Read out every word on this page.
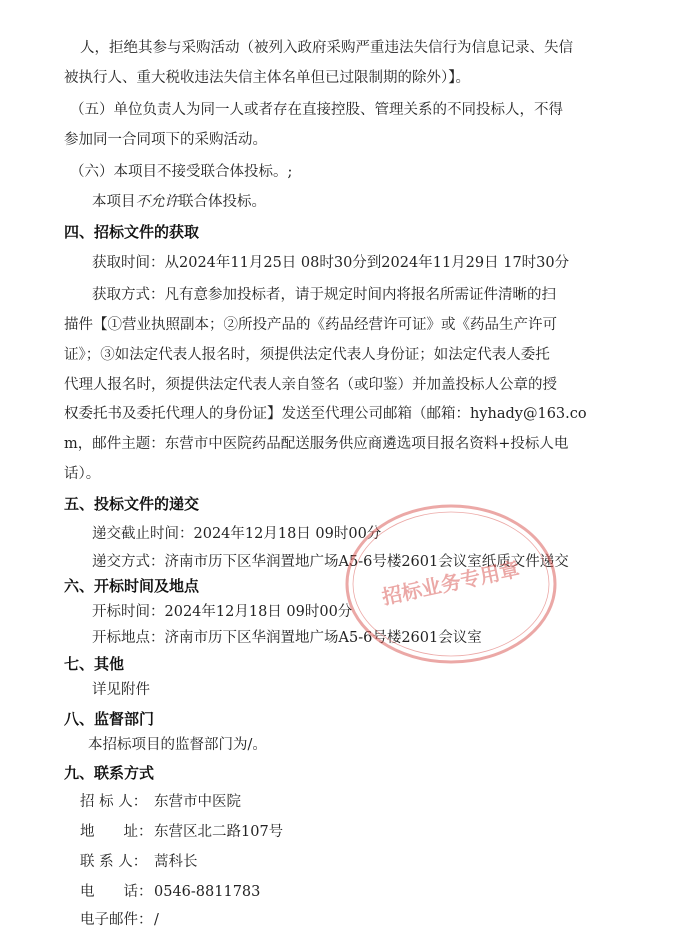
人，拒绝其参与采购活动（被列入政府采购严重违法失信行为信息记录、失信
被执行人、重大税收违法失信主体名单但已过限制期的除外）】。
（五）单位负责人为同一人或者存在直接控股、管理关系的不同投标人，不得
参加同一合同项下的采购活动。
（六）本项目不接受联合体投标。;
本项目不允许联合体投标。
四、招标文件的获取
获取时间：从2024年11月25日 08时30分到2024年11月29日 17时30分
获取方式：凡有意参加投标者，请于规定时间内将报名所需证件清晰的扫
描件【①营业执照副本；②所投产品的《药品经营许可证》或《药品生产许可
证》；③如法定代表人报名时，须提供法定代表人身份证；如法定代表人委托
代理人报名时，须提供法定代表人亲自签名（或印鉴）并加盖投标人公章的授
权委托书及委托代理人的身份证】发送至代理公司邮箱（邮箱：hyhady@163.co
m，邮件主题：东营市中医院药品配送服务供应商遴选项目报名资料+投标人电
话）。
五、投标文件的递交
递交截止时间：2024年12月18日 09时00分
递交方式：济南市历下区华润置地广场A5-6号楼2601会议室纸质文件递交
六、开标时间及地点
开标时间：2024年12月18日 09时00分
开标地点：济南市历下区华润置地广场A5-6号楼2601会议室
七、其他
详见附件
八、监督部门
本招标项目的监督部门为/。
九、联系方式
招 标 人： 东营市中医院
地　　址： 东营区北二路107号
联 系 人： 蒿科长
电　　话： 0546-8811783
电子邮件： /
招标业务专用章
